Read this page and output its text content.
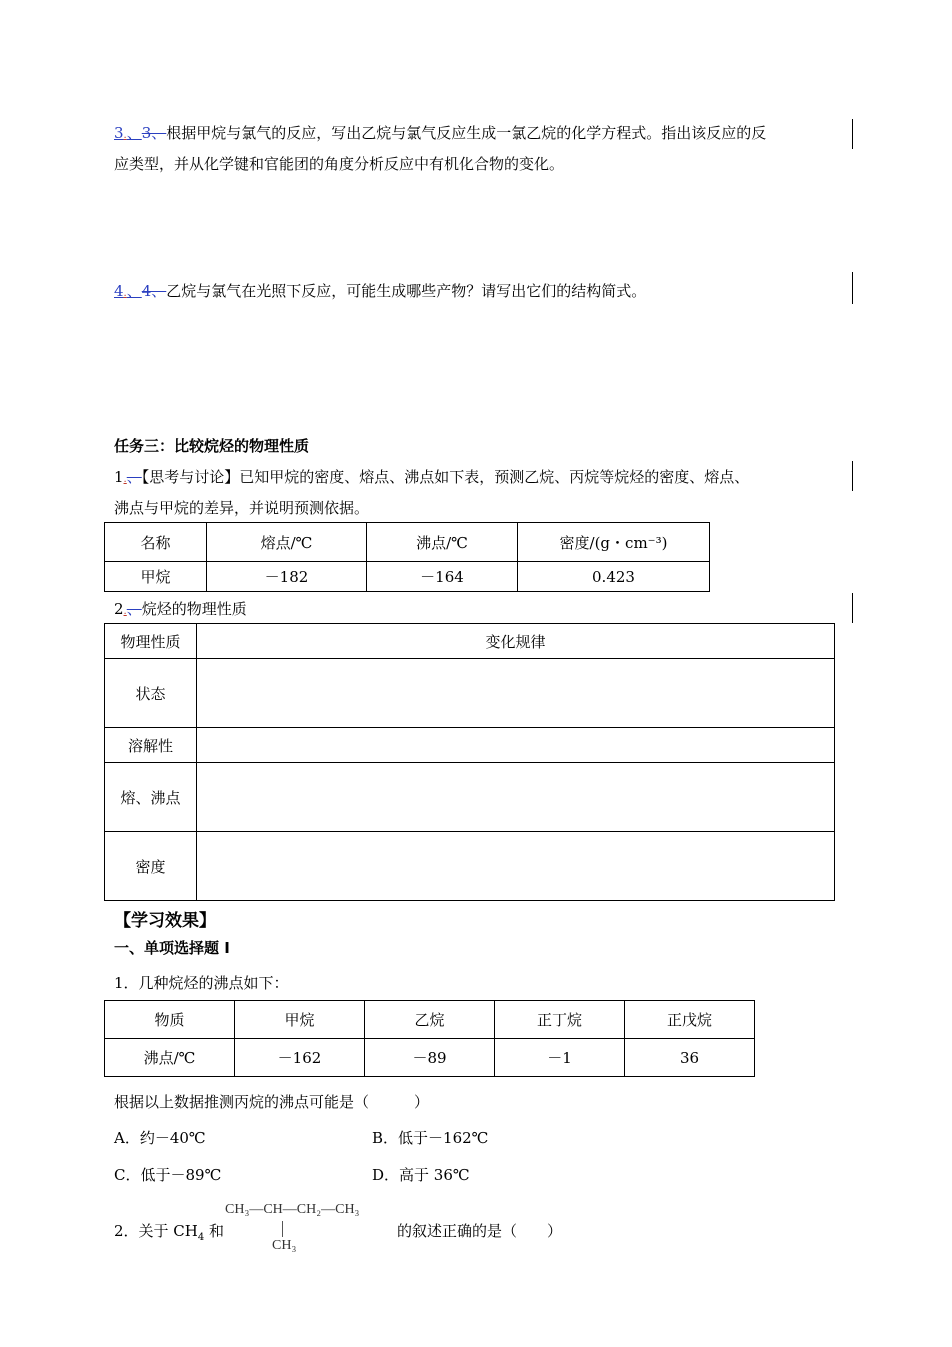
3.、3、根据甲烷与氯气的反应，写出乙烷与氯气反应生成一氯乙烷的化学方程式。指出该反应的反
应类型，并从化学键和官能团的角度分析反应中有机化合物的变化。
4.、4、乙烷与氯气在光照下反应，可能生成哪些产物？请写出它们的结构简式。
任务三：比较烷烃的物理性质
1.、【思考与讨论】已知甲烷的密度、熔点、沸点如下表，预测乙烷、丙烷等烷烃的密度、熔点、
沸点与甲烷的差异，并说明预测依据。
名称	熔点/℃	沸点/℃	密度/(g・cm⁻³)
甲烷	－182	－164	0.423
2.、烷烃的物理性质
物理性质	变化规律
状态	
溶解性	
熔、沸点	
密度	
【学习效果】
一、单项选择题 I
1．几种烷烃的沸点如下：
物质	甲烷	乙烷	正丁烷	正戊烷
沸点/℃	－162	－89	－1	36
根据以上数据推测丙烷的沸点可能是（　　　）
A．约－40℃	B．低于－162℃
C．低于－89℃	D．高于 36℃
2．关于 $CH_4$ 和
CH₃—CH—CH₂—CH₃
CH₃
的叙述正确的是（　　）
